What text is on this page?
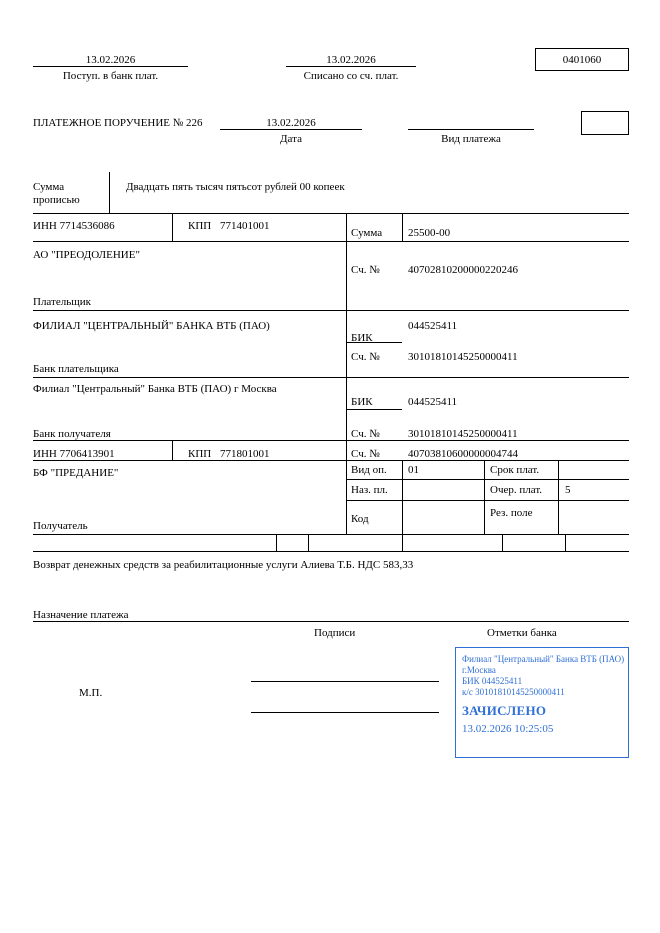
13.02.2026
Поступ. в банк плат.
13.02.2026
Списано со сч. плат.
0401060
ПЛАТЕЖНОЕ ПОРУЧЕНИЕ № 226	13.02.2026
Дата	Вид платежа
Сумма
прописью
Двадцать пять тысяч пятьсот рублей 00 копеек
ИНН 7714536086	КПП 771401001
Сумма 25500-00
АО "ПРЕОДОЛЕНИЕ"
Плательщик
Сч. №	40702810200000220246
ФИЛИАЛ "ЦЕНТРАЛЬНЫЙ" БАНКА ВТБ (ПАО)
Банк плательщика
БИК
044525411
Сч. №	30101810145250000411
Филиал "Центральный" Банка ВТБ (ПАО) г Москва
Банк получателя
БИК	044525411
Сч. №	30101810145250000411
ИНН 7706413901	КПП 771801001	Сч. №	40703810600000004744
БФ "ПРЕДАНИЕ"
Получатель
Вид оп. 01	Срок плат.
Наз. пл.	Очер. плат. 5
Код	Рез. поле
Возврат денежных средств за реабилитационные услуги Алиева Т.Б. НДС 583,33
Назначение платежа
Подписи	Отметки банка
М.П.
Филиал "Центральный" Банка ВТБ (ПАО)
г.Москва
БИК 044525411
к/с 30101810145250000411
ЗАЧИСЛЕНО
13.02.2026 10:25:05
